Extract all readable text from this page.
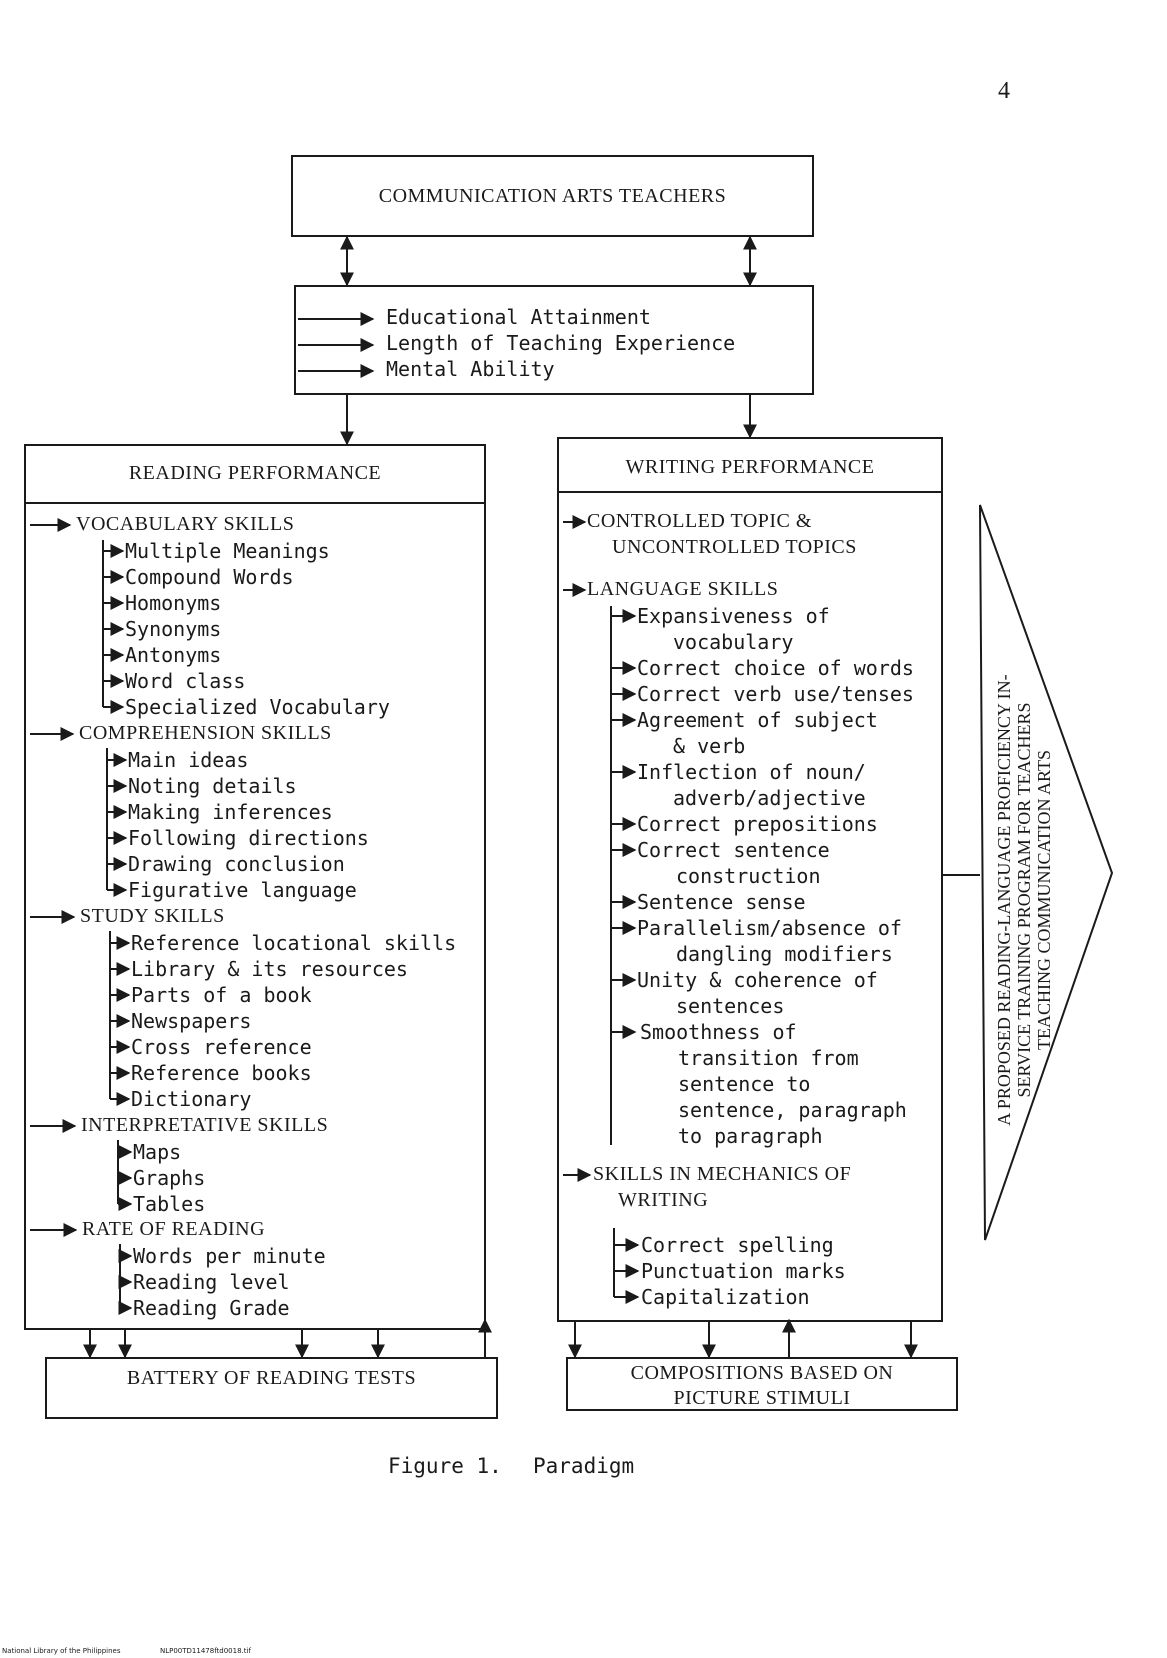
4
COMMUNICATION ARTS TEACHERS
Educational Attainment
Length of Teaching Experience
Mental Ability
READING PERFORMANCE
VOCABULARY SKILLS
Multiple Meanings
Compound Words
Homonyms
Synonyms
Antonyms
Word class
Specialized Vocabulary
COMPREHENSION SKILLS
Main ideas
Noting details
Making inferences
Following directions
Drawing conclusion
Figurative language
STUDY SKILLS
Reference locational skills
Library & its resources
Parts of a book
Newspapers
Cross reference
Reference books
Dictionary
INTERPRETATIVE SKILLS
Maps
Graphs
Tables
RATE OF READING
Words per minute
Reading level
Reading Grade
BATTERY OF READING TESTS
WRITING PERFORMANCE
CONTROLLED TOPIC &
UNCONTROLLED TOPICS
LANGUAGE SKILLS
Expansiveness of
vocabulary
Correct choice of words
Correct verb use/tenses
Agreement of subject
& verb
Inflection of noun/
adverb/adjective
Correct prepositions
Correct sentence
construction
Sentence sense
Parallelism/absence of
dangling modifiers
Unity & coherence of
sentences
Smoothness of
transition from
sentence to
sentence, paragraph
to paragraph
SKILLS IN MECHANICS OF
WRITING
Correct spelling
Punctuation marks
Capitalization
COMPOSITIONS BASED ON
PICTURE STIMULI
A PROPOSED READING-LANGUAGE PROFICIENCY IN- SERVICE TRAINING PROGRAM FOR TEACHERS TEACHING COMMUNICATION ARTS
Figure 1. Paradigm
National Library of the Philippines	NLP00TD11478ftd0018.tif
